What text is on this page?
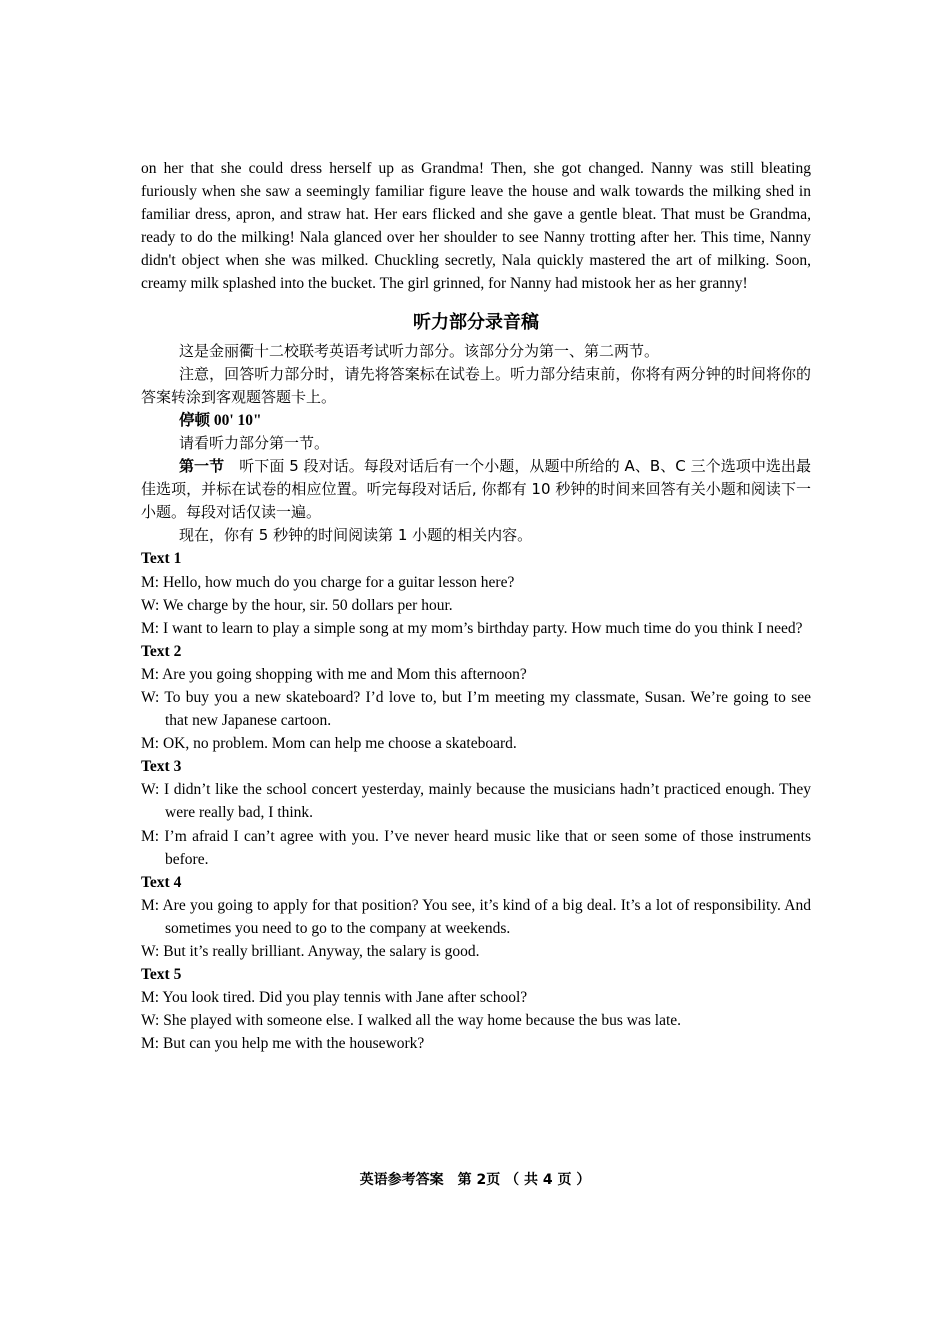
on her that she could dress herself up as Grandma! Then, she got changed. Nanny was still bleating furiously when she saw a seemingly familiar figure leave the house and walk towards the milking shed in familiar dress, apron, and straw hat. Her ears flicked and she gave a gentle bleat. That must be Grandma, ready to do the milking! Nala glanced over her shoulder to see Nanny trotting after her. This time, Nanny didn't object when she was milked. Chuckling secretly, Nala quickly mastered the art of milking. Soon, creamy milk splashed into the bucket. The girl grinned, for Nanny had mistook her as her granny!

听力部分录音稿

这是金丽衢十二校联考英语考试听力部分。该部分分为第一、第二两节。

注意，回答听力部分时，请先将答案标在试卷上。听力部分结束前，你将有两分钟的时间将你的答案转涂到客观题答题卡上。

停顿 00' 10"

请看听力部分第一节。

第一节　 听下面 5 段对话。每段对话后有一个小题，从题中所给的 A、B、C 三个选项中选出最佳选项，并标在试卷的相应位置。听完每段对话后, 你都有 10 秒钟的时间来回答有关小题和阅读下一小题。每段对话仅读一遍。

现在，你有 5 秒钟的时间阅读第 1 小题的相关内容。

Text 1

M: Hello, how much do you charge for a guitar lesson here?

W: We charge by the hour, sir. 50 dollars per hour.

M: I want to learn to play a simple song at my mom’s birthday party. How much time do you think I need?

Text 2

M: Are you going shopping with me and Mom this afternoon?

W: To buy you a new skateboard? I’d love to, but I’m meeting my classmate, Susan. We’re going to see that new Japanese cartoon.

M: OK, no problem. Mom can help me choose a skateboard.

Text 3

W: I didn’t like the school concert yesterday, mainly because the musicians hadn’t practiced enough. They were really bad, I think.

M: I’m afraid I can’t agree with you. I’ve never heard music like that or seen some of those instruments before.

Text 4

M: Are you going to apply for that position? You see, it’s kind of a big deal. It’s a lot of responsibility. And sometimes you need to go to the company at weekends.

W: But it’s really brilliant. Anyway, the salary is good.

Text 5

M: You look tired. Did you play tennis with Jane after school?

W: She played with someone else. I walked all the way home because the bus was late.

M: But can you help me with the housework?

英语参考答案　第 2页 （ 共 4 页 ）
